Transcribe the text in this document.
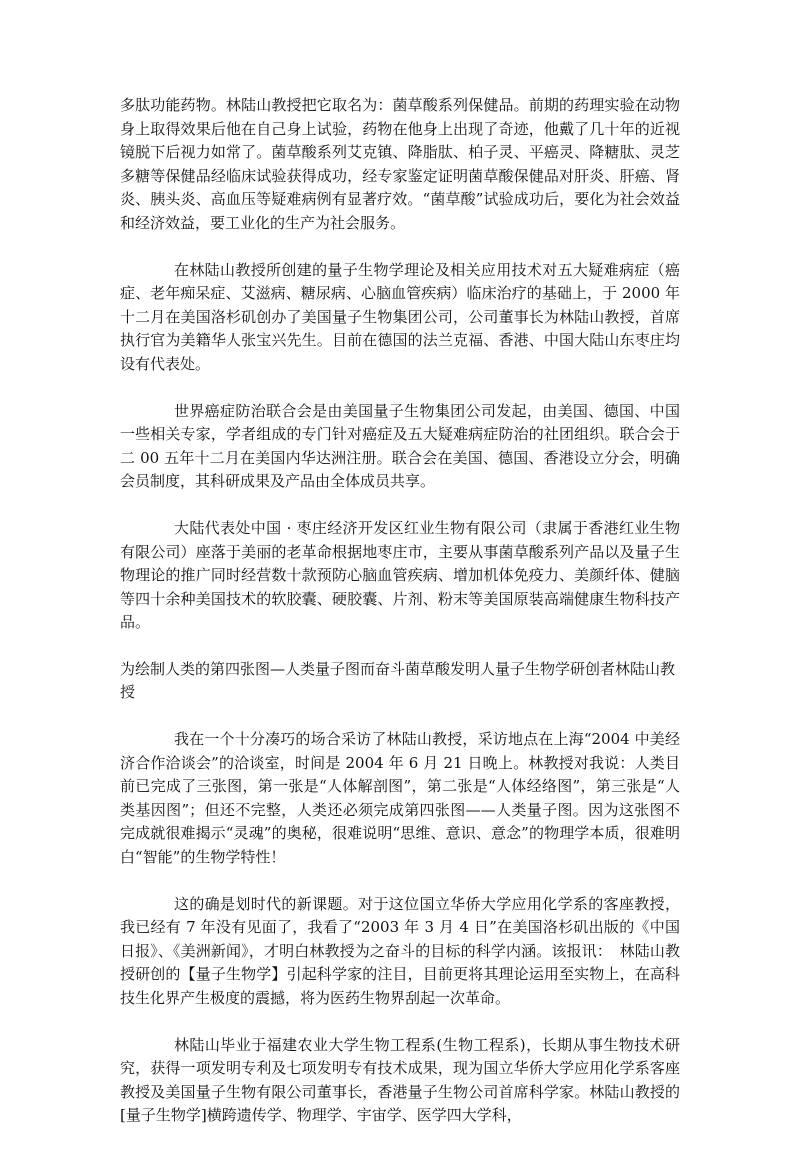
多肽功能药物。林陆山教授把它取名为：菌草酸系列保健品。前期的药理实验在动物身上取得效果后他在自己身上试验，药物在他身上出现了奇迹，他戴了几十年的近视镜脱下后视力如常了。菌草酸系列艾克镇、降脂肽、柏子灵、平癌灵、降糖肽、灵芝多糖等保健品经临床试验获得成功，经专家鉴定证明菌草酸保健品对肝炎、肝癌、肾炎、胰头炎、高血压等疑难病例有显著疗效。“菌草酸”试验成功后，要化为社会效益和经济效益，要工业化的生产为社会服务。

在林陆山教授所创建的量子生物学理论及相关应用技术对五大疑难病症（癌症、老年痴呆症、艾滋病、糖尿病、心脑血管疾病）临床治疗的基础上，于 2000 年十二月在美国洛杉矶创办了美国量子生物集团公司，公司董事长为林陆山教授，首席执行官为美籍华人张宝兴先生。目前在德国的法兰克福、香港、中国大陆山东枣庄均设有代表处。

世界癌症防治联合会是由美国量子生物集团公司发起，由美国、德国、中国一些相关专家，学者组成的专门针对癌症及五大疑难病症防治的社团组织。联合会于二 00 五年十二月在美国内华达洲注册。联合会在美国、德国、香港设立分会，明确会员制度，其科研成果及产品由全体成员共享。

大陆代表处中国 · 枣庄经济开发区红业生物有限公司（隶属于香港红业生物有限公司）座落于美丽的老革命根据地枣庄市，主要从事菌草酸系列产品以及量子生物理论的推广同时经营数十款预防心脑血管疾病、增加机体免疫力、美颜纤体、健脑等四十余种美国技术的软胶囊、硬胶囊、片剂、粉末等美国原装高端健康生物科技产品。

为绘制人类的第四张图—人类量子图而奋斗菌草酸发明人量子生物学研创者林陆山教授

我在一个十分凑巧的场合采访了林陆山教授，采访地点在上海“2004 中美经济合作洽谈会”的洽谈室，时间是 2004 年 6 月 21 日晚上。林教授对我说：人类目前已完成了三张图，第一张是“人体解剖图”，第二张是“人体经络图”，第三张是“人类基因图”；但还不完整，人类还必须完成第四张图——人类量子图。因为这张图不完成就很难揭示“灵魂”的奥秘，很难说明“思维、意识、意念”的物理学本质，很难明白“智能”的生物学特性！

这的确是划时代的新课题。对于这位国立华侨大学应用化学系的客座教授，我已经有 7 年没有见面了，我看了“2003 年 3 月 4 日”在美国洛杉矶出版的《中国日报》、《美洲新闻》，才明白林教授为之奋斗的目标的科学内涵。该报讯：　林陆山教授研创的【量子生物学】引起科学家的注目，目前更将其理论运用至实物上，在高科技生化界产生极度的震撼，将为医药生物界刮起一次革命。

林陆山毕业于福建农业大学生物工程系(生物工程系)，长期从事生物技术研究，获得一项发明专利及七项发明专有技术成果，现为国立华侨大学应用化学系客座教授及美国量子生物有限公司董事长，香港量子生物公司首席科学家。林陆山教授的[量子生物学]横跨遗传学、物理学、宇宙学、医学四大学科，
